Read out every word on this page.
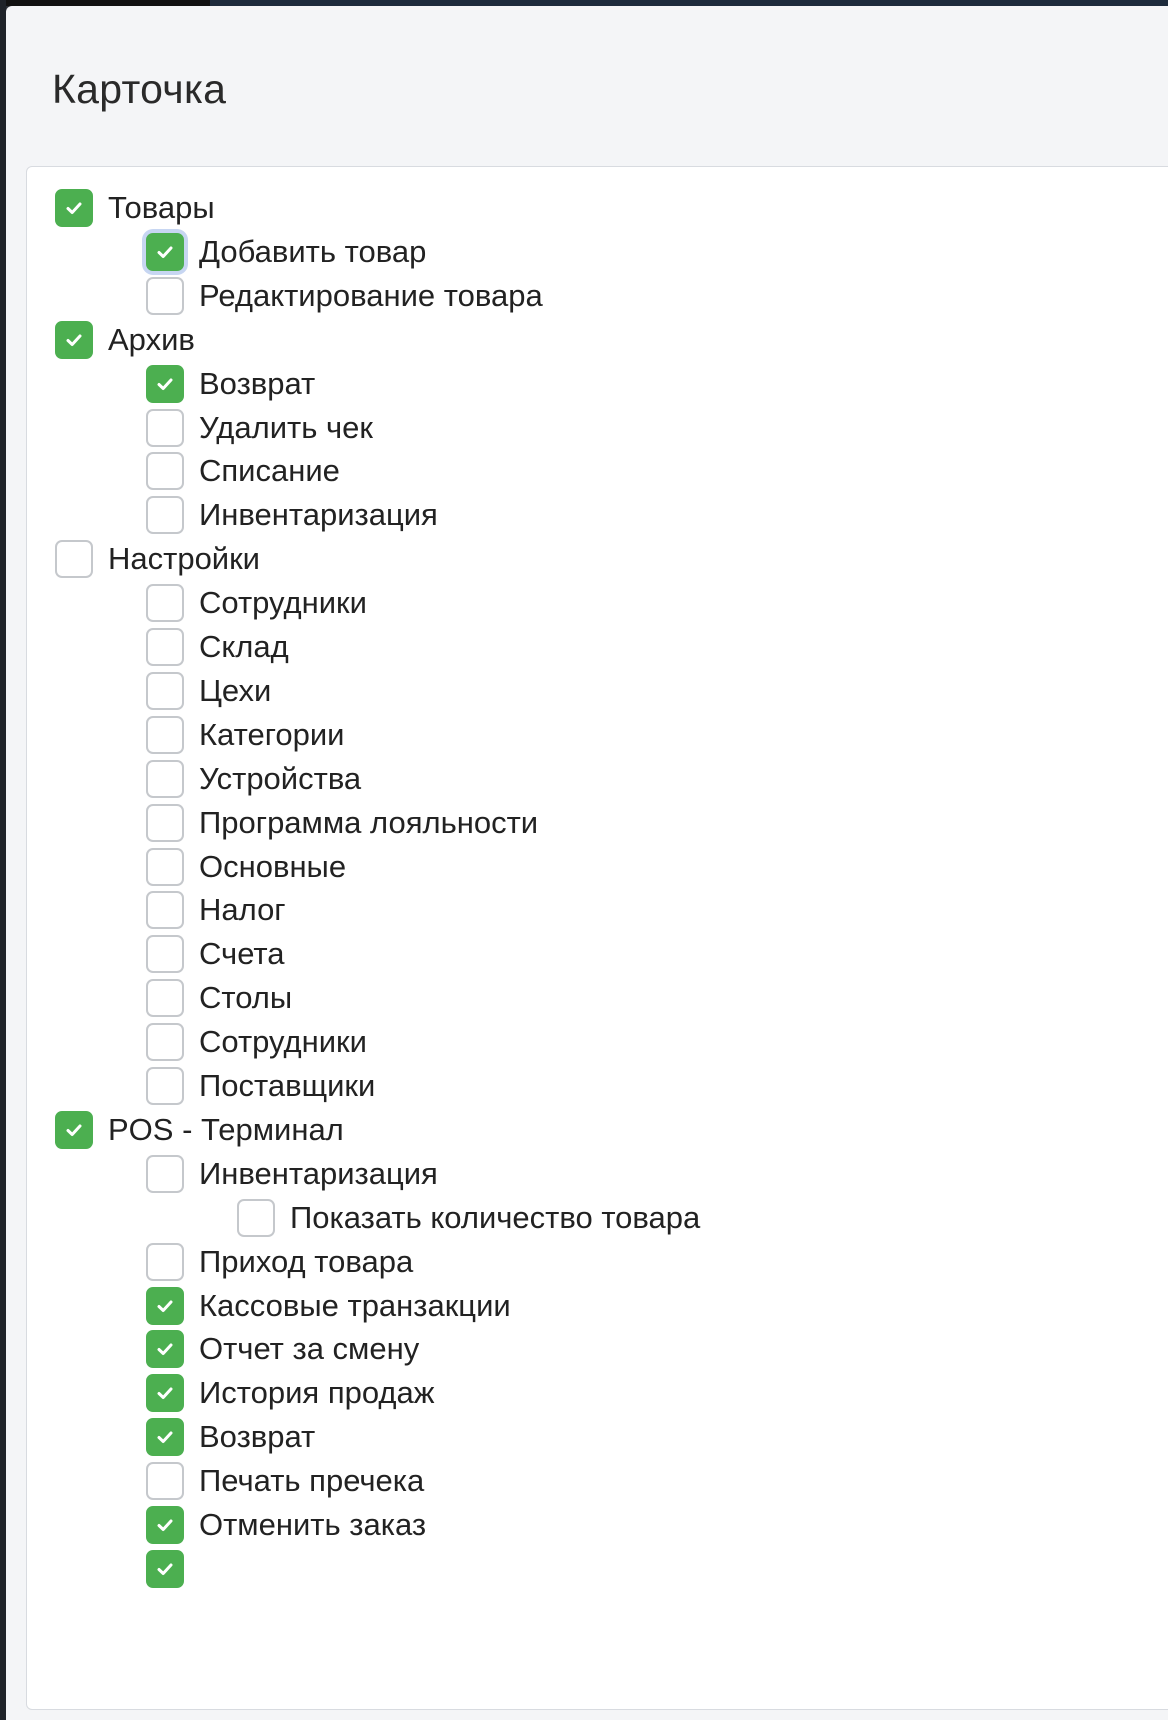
Карточка
Товары
Добавить товар
Редактирование товара
Архив
Возврат
Удалить чек
Списание
Инвентаризация
Настройки
Сотрудники
Склад
Цехи
Категории
Устройства
Программа лояльности
Основные
Налог
Счета
Столы
Сотрудники
Поставщики
POS - Терминал
Инвентаризация
Показать количество товара
Приход товара
Кассовые транзакции
Отчет за смену
История продаж
Возврат
Печать пречека
Отменить заказ
